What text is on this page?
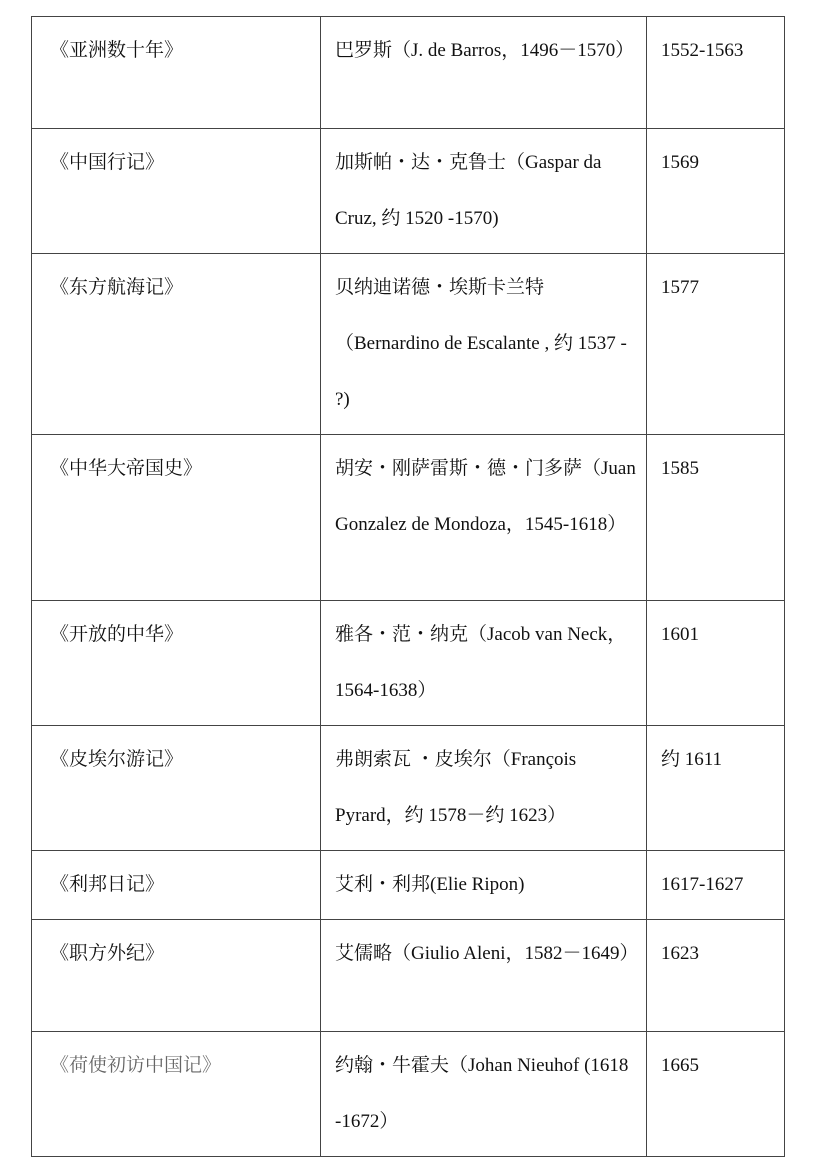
《亚洲数十年》	巴罗斯（J. de Barros，1496－1570）	1552-1563
《中国行记》	加斯帕・达・克鲁士（Gaspar da Cruz, 约 1520 -1570)	1569
《东方航海记》	贝纳迪诺德・埃斯卡兰特（Bernardino de Escalante , 约 1537 - ?)	1577
《中华大帝国史》	胡安・刚萨雷斯・德・门多萨（Juan Gonzalez de Mondoza，1545-1618）	1585
《开放的中华》	雅各・范・纳克（Jacob van Neck，1564-1638）	1601
《皮埃尔游记》	弗朗索瓦 ・皮埃尔（François Pyrard，约 1578－约 1623）	约 1611
《利邦日记》	艾利・利邦(Elie Ripon)	1617-1627
《职方外纪》	艾儒略（Giulio Aleni，1582－1649）	1623
《荷使初访中国记》	约翰・牛霍夫（Johan Nieuhof (1618 -1672）	1665
